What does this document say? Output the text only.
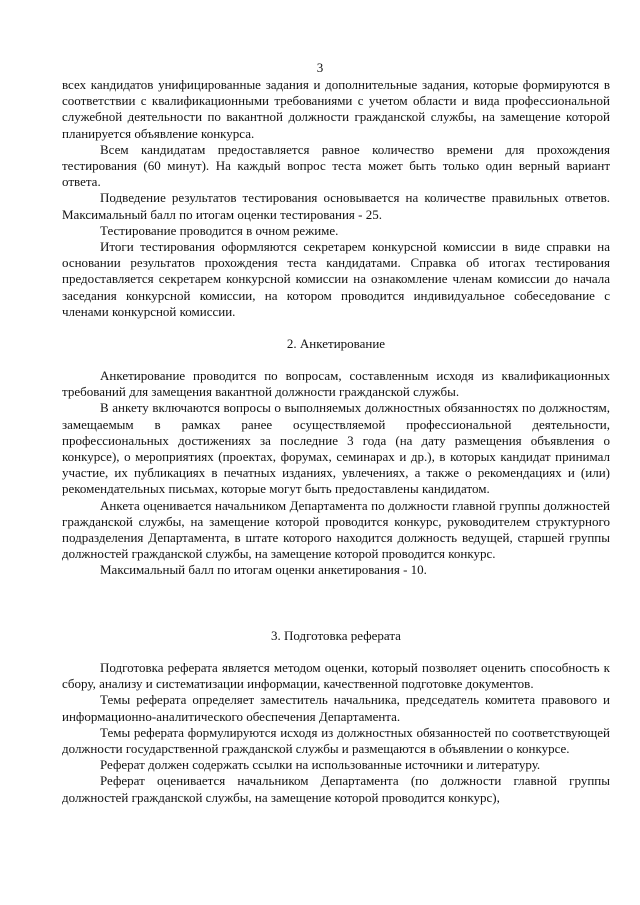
3

всех кандидатов унифицированные задания и дополнительные задания, которые формируются в соответствии с квалификационными требованиями с учетом области и вида профессиональной служебной деятельности по вакантной должности гражданской службы, на замещение которой планируется объявление конкурса.

Всем кандидатам предоставляется равное количество времени для прохождения тестирования (60 минут). На каждый вопрос теста может быть только один верный вариант ответа.

Подведение результатов тестирования основывается на количестве правильных ответов. Максимальный балл по итогам оценки тестирования - 25.

Тестирование проводится в очном режиме.

Итоги тестирования оформляются секретарем конкурсной комиссии в виде справки на основании результатов прохождения теста кандидатами. Справка об итогах тестирования предоставляется секретарем конкурсной комиссии на ознакомление членам комиссии до начала заседания конкурсной комиссии, на котором проводится индивидуальное собеседование с членами конкурсной комиссии.

2. Анкетирование

Анкетирование проводится по вопросам, составленным исходя из квалификационных требований для замещения вакантной должности гражданской службы.

В анкету включаются вопросы о выполняемых должностных обязанностях по должностям, замещаемым в рамках ранее осуществляемой профессиональной деятельности, профессиональных достижениях за последние 3 года (на дату размещения объявления о конкурсе), о мероприятиях (проектах, форумах, семинарах и др.), в которых кандидат принимал участие, их публикациях в печатных изданиях, увлечениях, а также о рекомендациях и (или) рекомендательных письмах, которые могут быть предоставлены кандидатом.

Анкета оценивается начальником Департамента по должности главной группы должностей гражданской службы, на замещение которой проводится конкурс, руководителем структурного подразделения Департамента, в штате которого находится должность ведущей, старшей группы должностей гражданской службы, на замещение которой проводится конкурс.

Максимальный балл по итогам оценки анкетирования - 10.

3. Подготовка реферата

Подготовка реферата является методом оценки, который позволяет оценить способность к сбору, анализу и систематизации информации, качественной подготовке документов.

Темы реферата определяет заместитель начальника, председатель комитета правового и информационно-аналитического обеспечения Департамента.

Темы реферата формулируются исходя из должностных обязанностей по соответствующей должности государственной гражданской службы и размещаются в объявлении о конкурсе.

Реферат должен содержать ссылки на использованные источники и литературу.

Реферат оценивается начальником Департамента (по должности главной группы должностей гражданской службы, на замещение которой проводится конкурс),
